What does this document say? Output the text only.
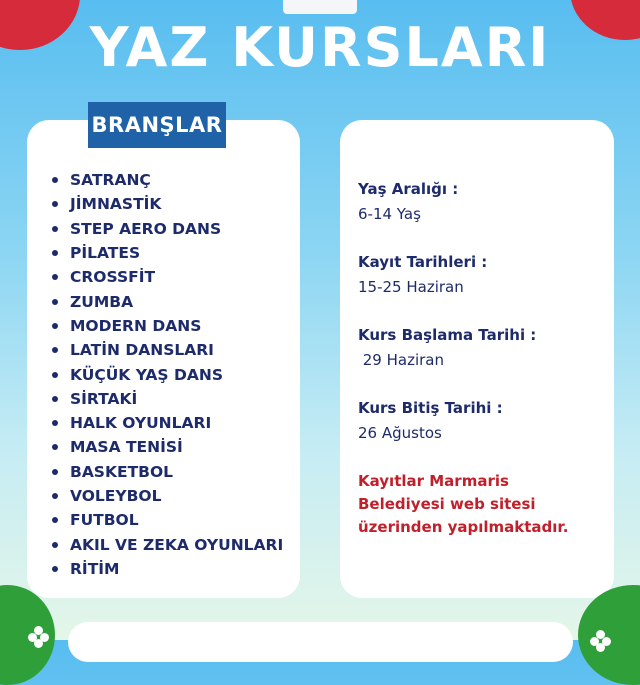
YAZ KURSLARI
BRANŞLAR
SATRANÇ
JİMNASTİK
STEP AERO DANS
PİLATES
CROSSFİT
ZUMBA
MODERN DANS
LATİN DANSLARI
KÜÇÜK YAŞ DANS
SİRTAKİ
HALK OYUNLARI
MASA TENİSİ
BASKETBOL
VOLEYBOL
FUTBOL
AKIL VE ZEKA OYUNLARI
RİTİM
Yaş Aralığı :
6-14 Yaş
Kayıt Tarihleri :
15-25 Haziran
Kurs Başlama Tarihi :
29 Haziran
Kurs Bitiş Tarihi :
26 Ağustos
Kayıtlar Marmaris Belediyesi web sitesi üzerinden yapılmaktadır.
